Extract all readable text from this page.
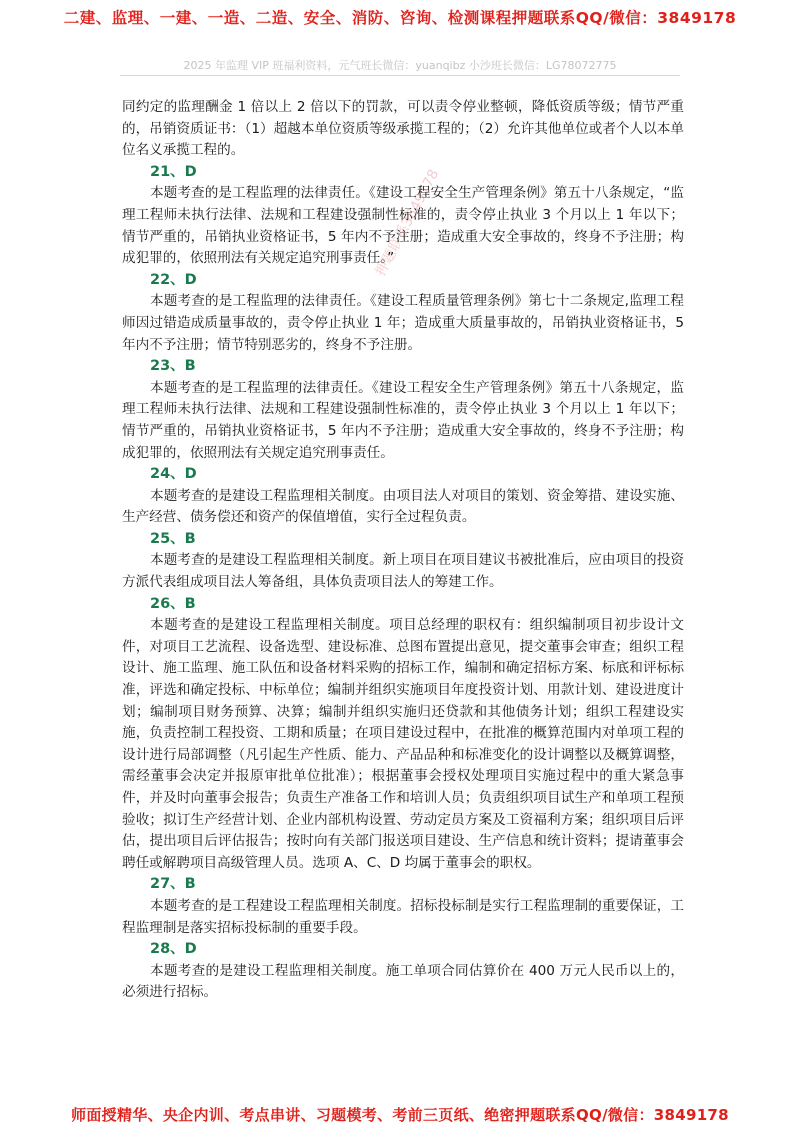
二建、监理、一建、一造、二造、安全、消防、咨询、检测课程押题联系QQ/微信：3849178
2025 年监理 VIP 班福利资料，元气班长微信：yuanqibz 小沙班长微信：LG78072775
押题联系3849178

同约定的监理酬金 1 倍以上 2 倍以下的罚款，可以责令停业整顿，降低资质等级；情节严重的，吊销资质证书：（1）超越本单位资质等级承揽工程的；（2）允许其他单位或者个人以本单位名义承揽工程的。

21、D

本题考查的是工程监理的法律责任。《建设工程安全生产管理条例》第五十八条规定，“监理工程师未执行法律、法规和工程建设强制性标准的，责令停止执业 3 个月以上 1 年以下；情节严重的，吊销执业资格证书，5 年内不予注册；造成重大安全事故的，终身不予注册；构成犯罪的，依照刑法有关规定追究刑事责任。”

22、D

本题考查的是工程监理的法律责任。《建设工程质量管理条例》第七十二条规定,监理工程师因过错造成质量事故的，责令停止执业 1 年；造成重大质量事故的，吊销执业资格证书，5 年内不予注册；情节特别恶劣的，终身不予注册。

23、B

本题考查的是工程监理的法律责任。《建设工程安全生产管理条例》第五十八条规定，监理工程师未执行法律、法规和工程建设强制性标准的，责令停止执业 3 个月以上 1 年以下；情节严重的，吊销执业资格证书，5 年内不予注册；造成重大安全事故的，终身不予注册；构成犯罪的，依照刑法有关规定追究刑事责任。

24、D

本题考查的是建设工程监理相关制度。由项目法人对项目的策划、资金筹措、建设实施、生产经营、债务偿还和资产的保值增值，实行全过程负责。

25、B

本题考查的是建设工程监理相关制度。新上项目在项目建议书被批准后，应由项目的投资方派代表组成项目法人筹备组，具体负责项目法人的筹建工作。

26、B

本题考查的是建设工程监理相关制度。项目总经理的职权有：组织编制项目初步设计文件，对项目工艺流程、设备选型、建设标准、总图布置提出意见，提交董事会审查；组织工程设计、施工监理、施工队伍和设备材料采购的招标工作，编制和确定招标方案、标底和评标标准，评选和确定投标、中标单位；编制并组织实施项目年度投资计划、用款计划、建设进度计划；编制项目财务预算、决算；编制并组织实施归还贷款和其他债务计划；组织工程建设实施，负责控制工程投资、工期和质量；在项目建设过程中，在批准的概算范围内对单项工程的设计进行局部调整（凡引起生产性质、能力、产品品种和标准变化的设计调整以及概算调整，需经董事会决定并报原审批单位批准）；根据董事会授权处理项目实施过程中的重大紧急事件，并及时向董事会报告；负责生产准备工作和培训人员；负责组织项目试生产和单项工程预验收；拟订生产经营计划、企业内部机构设置、劳动定员方案及工资福利方案；组织项目后评估，提出项目后评估报告；按时向有关部门报送项目建设、生产信息和统计资料；提请董事会聘任或解聘项目高级管理人员。选项 A、C、D 均属于董事会的职权。

27、B

本题考查的是工程建设工程监理相关制度。招标投标制是实行工程监理制的重要保证，工程监理制是落实招标投标制的重要手段。

28、D

本题考查的是建设工程监理相关制度。施工单项合同估算价在 400 万元人民币以上的，必须进行招标。

师面授精华、央企内训、考点串讲、习题模考、考前三页纸、绝密押题联系QQ/微信：3849178
